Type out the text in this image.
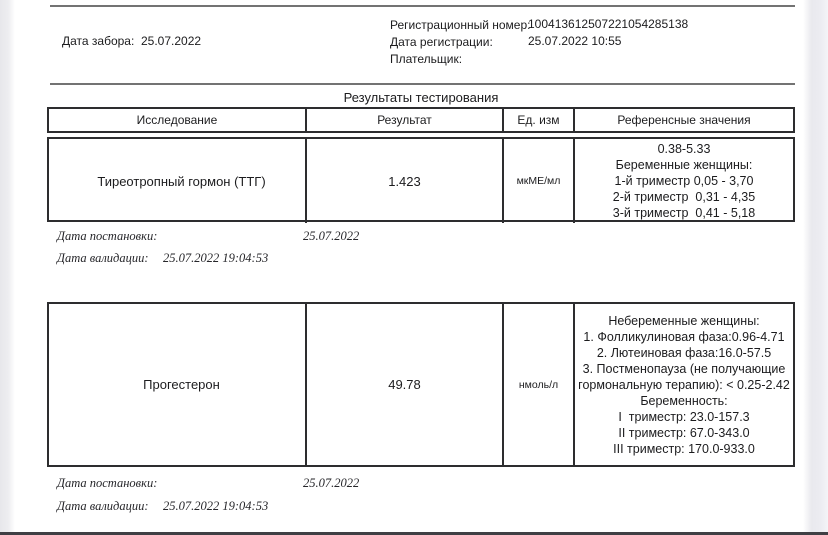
Дата забора: 25.07.2022
Регистрационный номер:
100413612507221054285138
Дата регистрации:	25.07.2022 10:55
Плательщик:
Результаты тестирования
Исследование	Результат	Ед. изм	Референсные значения
Тиреотропный гормон (ТТГ)	1.423	мкМЕ/мл
0.38-5.33
Беременные женщины:
1-й триместр 0,05 - 3,70
2-й триместр  0,31 - 4,35
3-й триместр  0,41 - 5,18
Дата постановки:	25.07.2022
Дата валидации: 25.07.2022 19:04:53
Прогестерон	49.78	нмоль/л
Небеременные женщины:
1. Фолликулиновая фаза:0.96-4.71
2. Лютеиновая фаза:16.0-57.5
3. Постменопауза (не получающие гормональную терапию): < 0.25-2.42
Беременность:
I  триместр: 23.0-157.3
II триместр: 67.0-343.0
III триместр: 170.0-933.0
Дата постановки:	25.07.2022
Дата валидации: 25.07.2022 19:04:53
